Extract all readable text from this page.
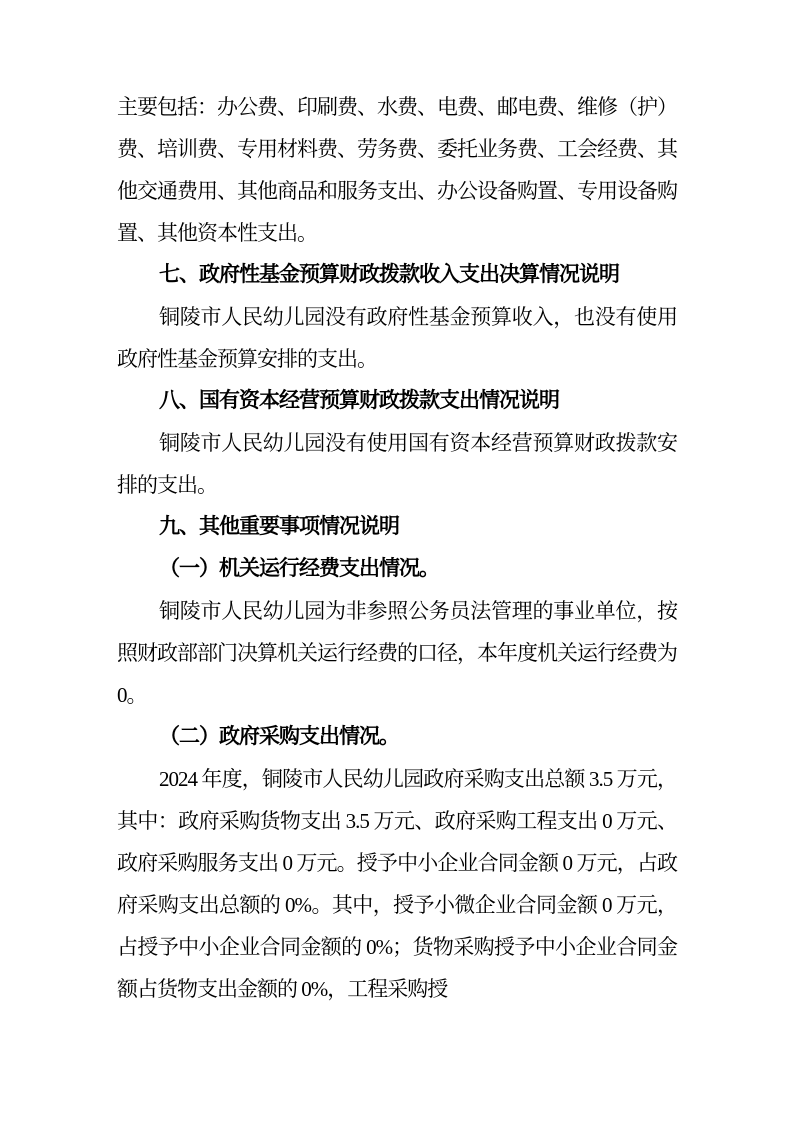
主要包括：办公费、印刷费、水费、电费、邮电费、维修（护）费、培训费、专用材料费、劳务费、委托业务费、工会经费、其他交通费用、其他商品和服务支出、办公设备购置、专用设备购置、其他资本性支出。

七、政府性基金预算财政拨款收入支出决算情况说明

铜陵市人民幼儿园没有政府性基金预算收入，也没有使用政府性基金预算安排的支出。

八、国有资本经营预算财政拨款支出情况说明

铜陵市人民幼儿园没有使用国有资本经营预算财政拨款安排的支出。

九、其他重要事项情况说明

（一）机关运行经费支出情况。

铜陵市人民幼儿园为非参照公务员法管理的事业单位，按照财政部部门决算机关运行经费的口径，本年度机关运行经费为 0。

（二）政府采购支出情况。

2024 年度，铜陵市人民幼儿园政府采购支出总额 3.5 万元，其中：政府采购货物支出 3.5 万元、政府采购工程支出 0 万元、政府采购服务支出 0 万元。授予中小企业合同金额 0 万元，占政府采购支出总额的 0%。其中，授予小微企业合同金额 0 万元，占授予中小企业合同金额的 0%；货物采购授予中小企业合同金额占货物支出金额的 0%，工程采购授
